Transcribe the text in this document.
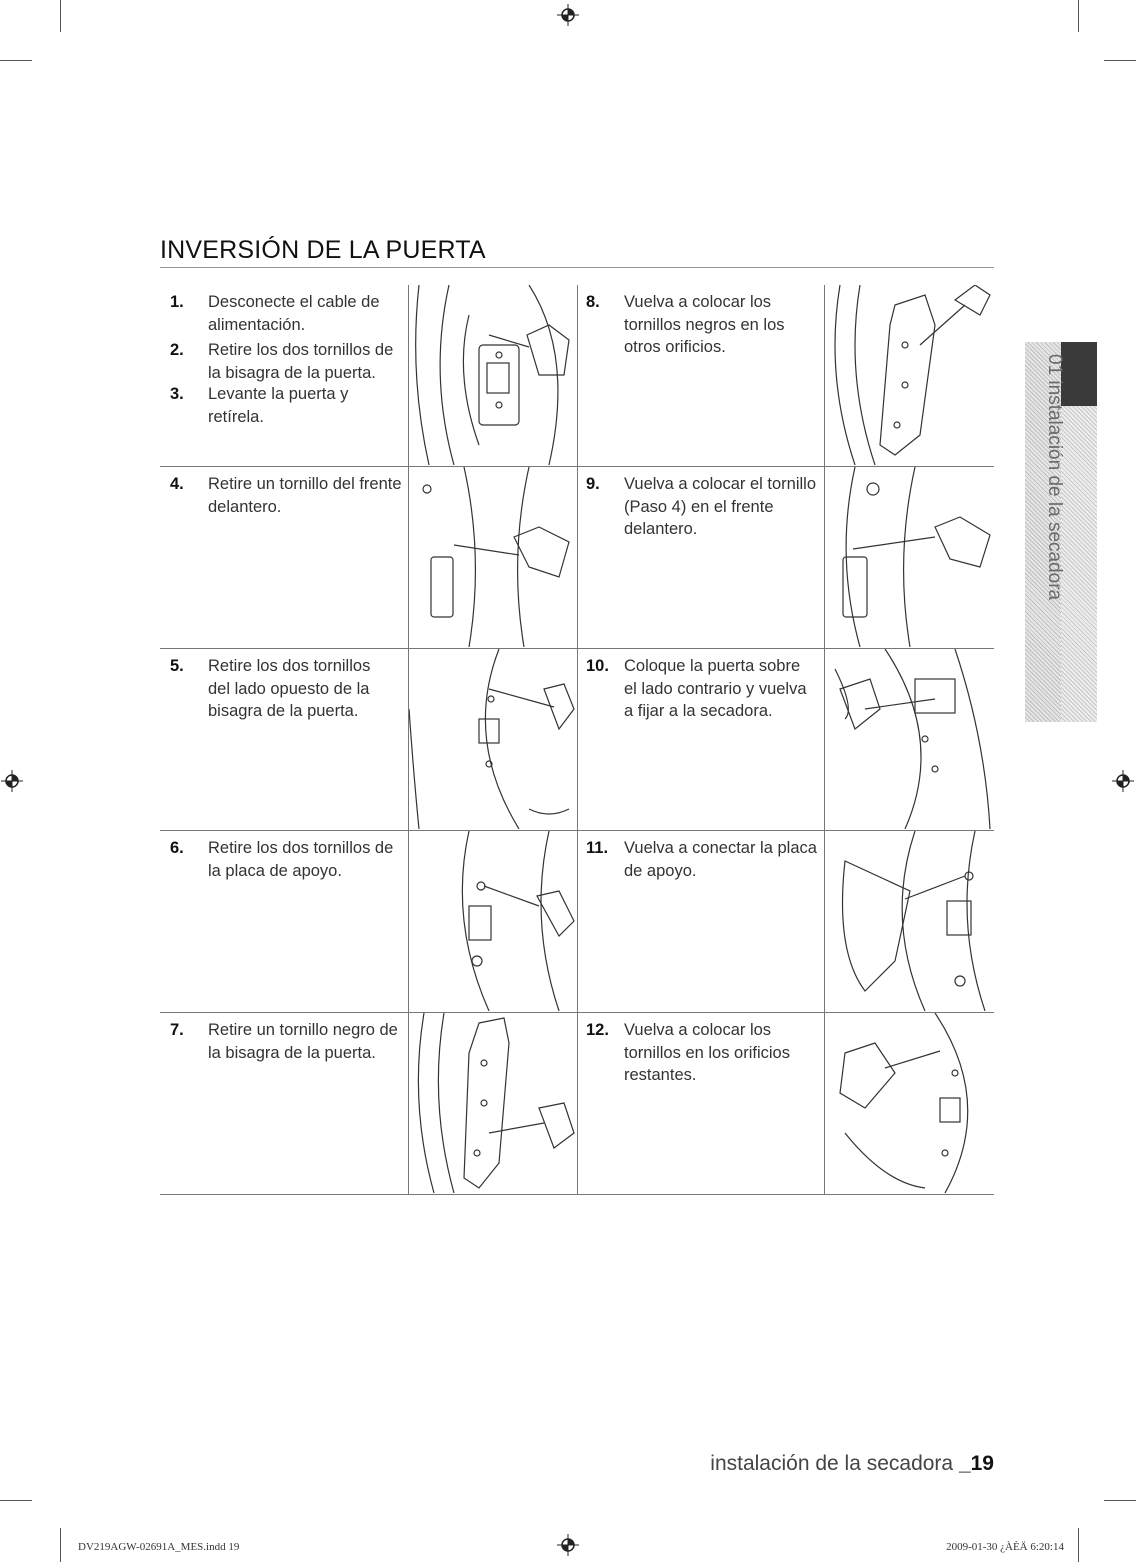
INVERSIÓN DE LA PUERTA
01 instalación de la secadora
1.	Desconecte el cable de
alimentación.
2.	Retire los dos tornillos de
la bisagra de la puerta.
3.	Levante la puerta y
retírela.
8.	Vuelva a colocar los
tornillos negros en los
otros orificios.
4.	Retire un tornillo del frente
delantero.
9.	Vuelva a colocar el tornillo
(Paso 4) en el frente
delantero.
5.	Retire los dos tornillos
del lado opuesto de la
bisagra de la puerta.
10. Coloque la puerta sobre
el lado contrario y vuelva
a fijar a la secadora.
6.	Retire los dos tornillos de
la placa de apoyo.
11. Vuelva a conectar la placa
de apoyo.
7.	Retire un tornillo negro de
la bisagra de la puerta.
12. Vuelva a colocar los
tornillos en los orificios
restantes.
instalación de la secadora _19
DV219AGW-02691A_MES.indd 19	2009-01-30 ¿ÀÈÄ 6:20:14
